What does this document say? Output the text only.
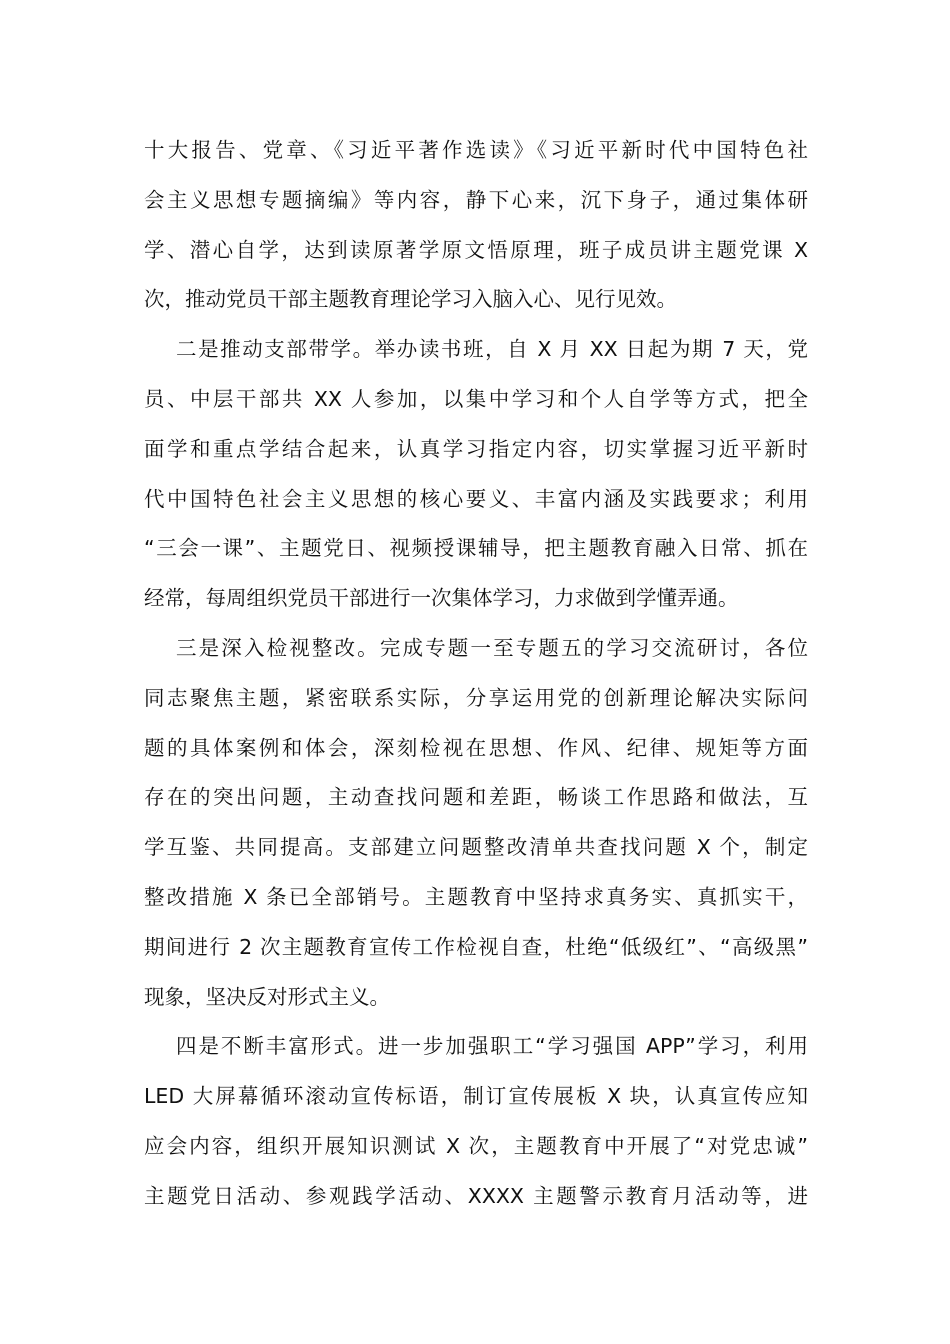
十大报告、党章、《习近平著作选读》《习近平新时代中国特色社
会主义思想专题摘编》等内容，静下心来，沉下身子，通过集体研
学、潜心自学，达到读原著学原文悟原理，班子成员讲主题党课 X
次，推动党员干部主题教育理论学习入脑入心、见行见效。
二是推动支部带学。举办读书班，自 X 月 XX 日起为期 7 天，党
员、中层干部共 XX 人参加，以集中学习和个人自学等方式，把全
面学和重点学结合起来，认真学习指定内容，切实掌握习近平新时
代中国特色社会主义思想的核心要义、丰富内涵及实践要求；利用
“三会一课”、主题党日、视频授课辅导，把主题教育融入日常、抓在
经常，每周组织党员干部进行一次集体学习，力求做到学懂弄通。
三是深入检视整改。完成专题一至专题五的学习交流研讨，各位
同志聚焦主题，紧密联系实际，分享运用党的创新理论解决实际问
题的具体案例和体会，深刻检视在思想、作风、纪律、规矩等方面
存在的突出问题，主动查找问题和差距，畅谈工作思路和做法，互
学互鉴、共同提高。支部建立问题整改清单共查找问题 X 个，制定
整改措施 X 条已全部销号。主题教育中坚持求真务实、真抓实干，
期间进行 2 次主题教育宣传工作检视自查，杜绝“低级红”、“高级黑”
现象，坚决反对形式主义。
四是不断丰富形式。进一步加强职工“学习强国 APP”学习，利用
LED 大屏幕循环滚动宣传标语，制订宣传展板 X 块，认真宣传应知
应会内容，组织开展知识测试 X 次，主题教育中开展了“对党忠诚”
主题党日活动、参观践学活动、XXXX 主题警示教育月活动等，进
